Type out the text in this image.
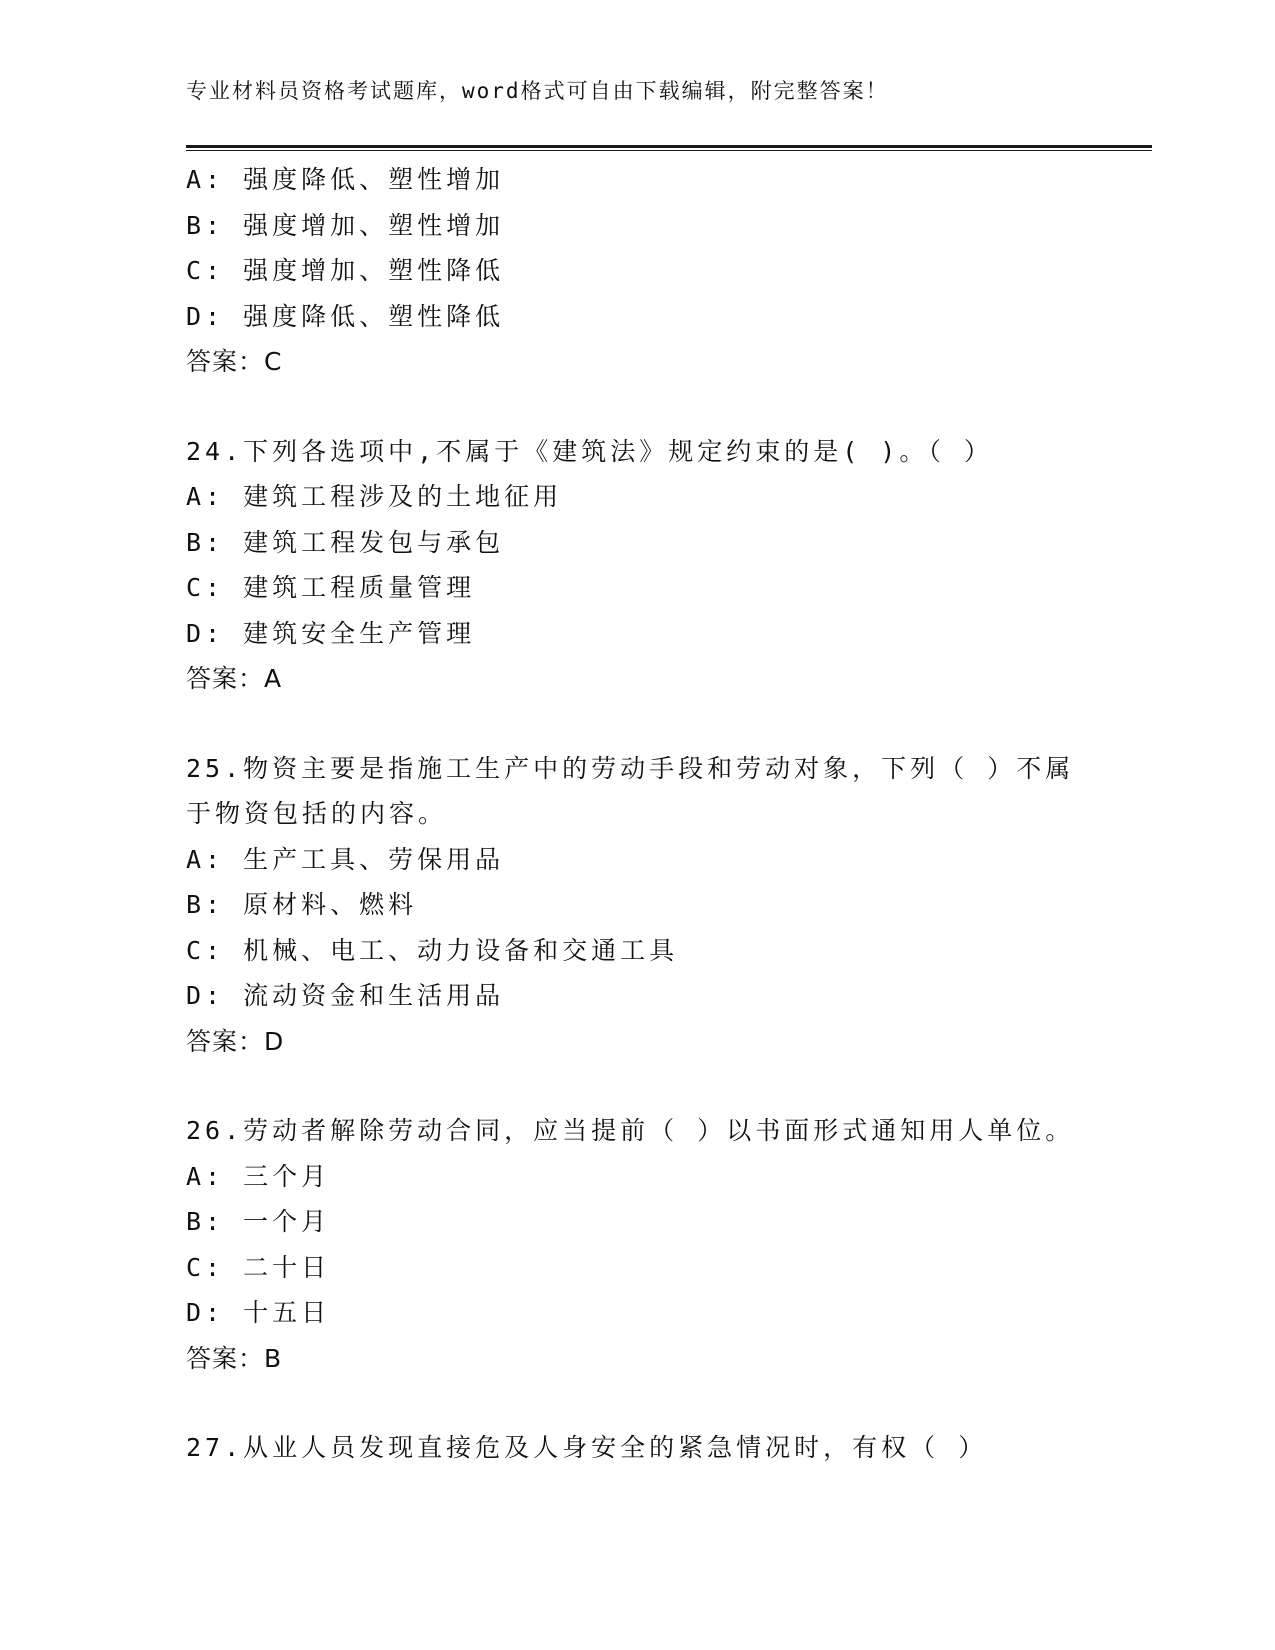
专业材料员资格考试题库，word格式可自由下载编辑，附完整答案！
A: 强度降低、塑性增加
B: 强度增加、塑性增加
C: 强度增加、塑性降低
D: 强度降低、塑性降低
答案：C
24.下列各选项中,不属于《建筑法》规定约束的是( )。（ ）
A: 建筑工程涉及的土地征用
B: 建筑工程发包与承包
C: 建筑工程质量管理
D: 建筑安全生产管理
答案：A
25.物资主要是指施工生产中的劳动手段和劳动对象，下列（ ）不属
于物资包括的内容。
A: 生产工具、劳保用品
B: 原材料、燃料
C: 机械、电工、动力设备和交通工具
D: 流动资金和生活用品
答案：D
26.劳动者解除劳动合同，应当提前（ ）以书面形式通知用人单位。
A: 三个月
B: 一个月
C: 二十日
D: 十五日
答案：B
27.从业人员发现直接危及人身安全的紧急情况时，有权（ ）
